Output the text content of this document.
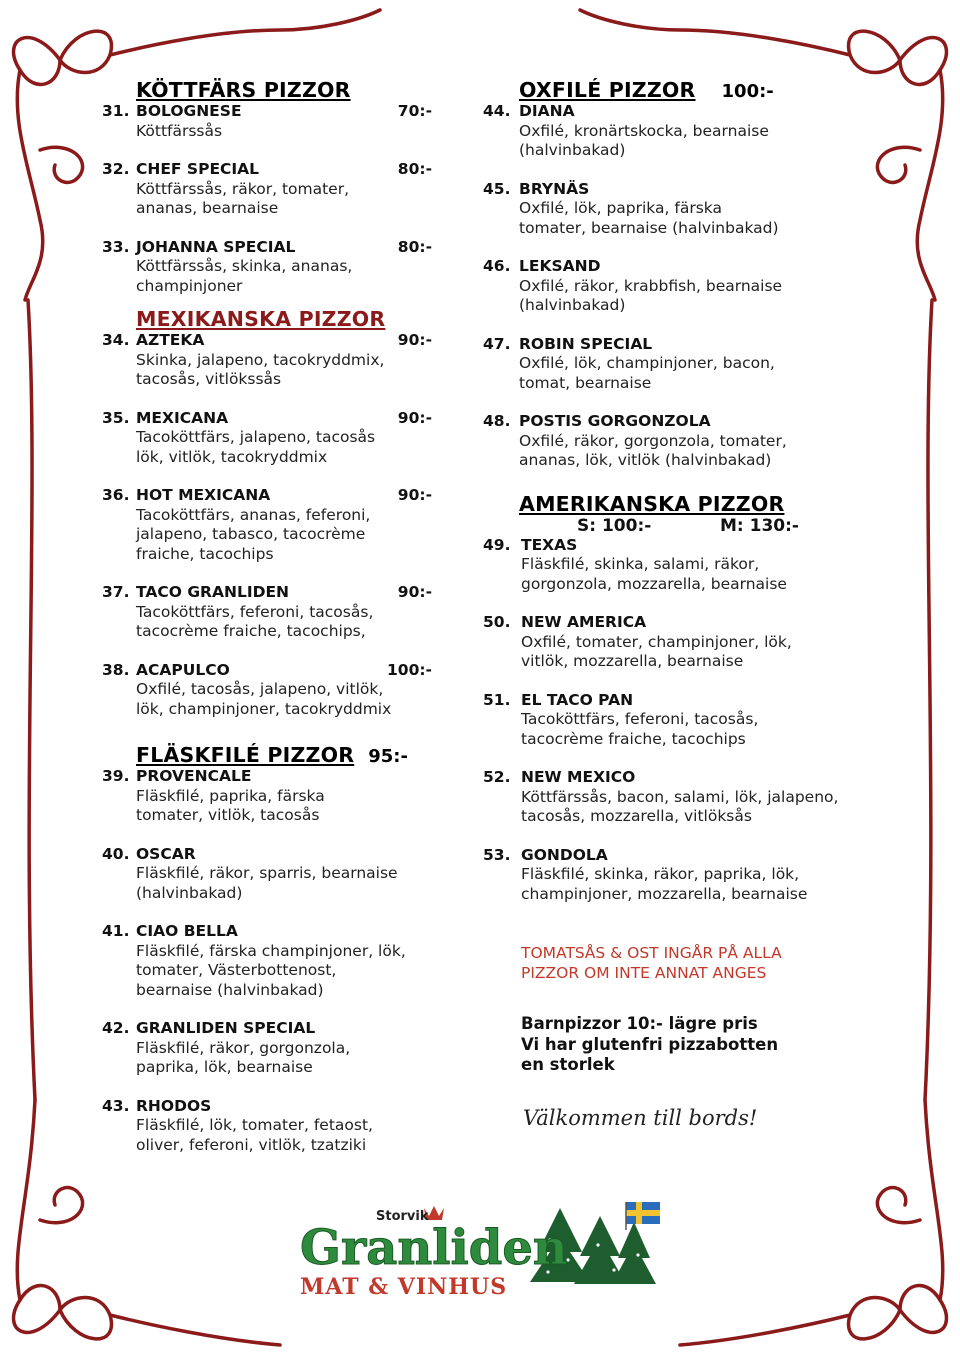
KÖTTFÄRS PIZZOR
31. BOLOGNESE	70:-
Köttfärssås
32. CHEF SPECIAL	80:-
Köttfärssås, räkor, tomater,
ananas, bearnaise
33. JOHANNA SPECIAL	80:-
Köttfärssås, skinka, ananas,
champinjoner
MEXIKANSKA PIZZOR
34. AZTEKA	90:-
Skinka, jalapeno, tacokryddmix,
tacosås, vitlökssås
35. MEXICANA	90:-
Tacoköttfärs, jalapeno, tacosås
lök, vitlök, tacokryddmix
36. HOT MEXICANA	90:-
Tacoköttfärs, ananas, feferoni,
jalapeno, tabasco, tacocrème
fraiche, tacochips
37. TACO GRANLIDEN	90:-
Tacoköttfärs, feferoni, tacosås,
tacocrème fraiche, tacochips,
38. ACAPULCO	100:-
Oxfilé, tacosås, jalapeno, vitlök,
lök, champinjoner, tacokryddmix
FLÄSKFILÉ PIZZOR 95:-
39. PROVENCALE
Fläskfilé, paprika, färska
tomater, vitlök, tacosås
40. OSCAR
Fläskfilé, räkor, sparris, bearnaise
(halvinbakad)
41. CIAO BELLA
Fläskfilé, färska champinjoner, lök,
tomater, Västerbottenost,
bearnaise (halvinbakad)
42. GRANLIDEN SPECIAL
Fläskfilé, räkor, gorgonzola,
paprika, lök, bearnaise
43. RHODOS
Fläskfilé, lök, tomater, fetaost,
oliver, feferoni, vitlök, tzatziki
OXFILÉ PIZZOR 100:-
44. DIANA
Oxfilé, kronärtskocka, bearnaise
(halvinbakad)
45. BRYNÄS
Oxfilé, lök, paprika, färska
tomater, bearnaise (halvinbakad)
46. LEKSAND
Oxfilé, räkor, krabbfish, bearnaise
(halvinbakad)
47. ROBIN SPECIAL
Oxfilé, lök, champinjoner, bacon,
tomat, bearnaise
48. POSTIS GORGONZOLA
Oxfilé, räkor, gorgonzola, tomater,
ananas, lök, vitlök (halvinbakad)
AMERIKANSKA PIZZOR
S: 100:-	M: 130:-
49. TEXAS
Fläskfilé, skinka, salami, räkor,
gorgonzola, mozzarella, bearnaise
50. NEW AMERICA
Oxfilé, tomater, champinjoner, lök,
vitlök, mozzarella, bearnaise
51. EL TACO PAN
Tacoköttfärs, feferoni, tacosås,
tacocrème fraiche, tacochips
52. NEW MEXICO
Köttfärssås, bacon, salami, lök, jalapeno,
tacosås, mozzarella, vitlöksås
53. GONDOLA
Fläskfilé, skinka, räkor, paprika, lök,
champinjoner, mozzarella, bearnaise
TOMATSÅS & OST INGÅR PÅ ALLA
PIZZOR OM INTE ANNAT ANGES
Barnpizzor 10:- lägre pris
Vi har glutenfri pizzabotten
en storlek
Välkommen till bords!
Storvik
Granliden
MAT & VINHUS
